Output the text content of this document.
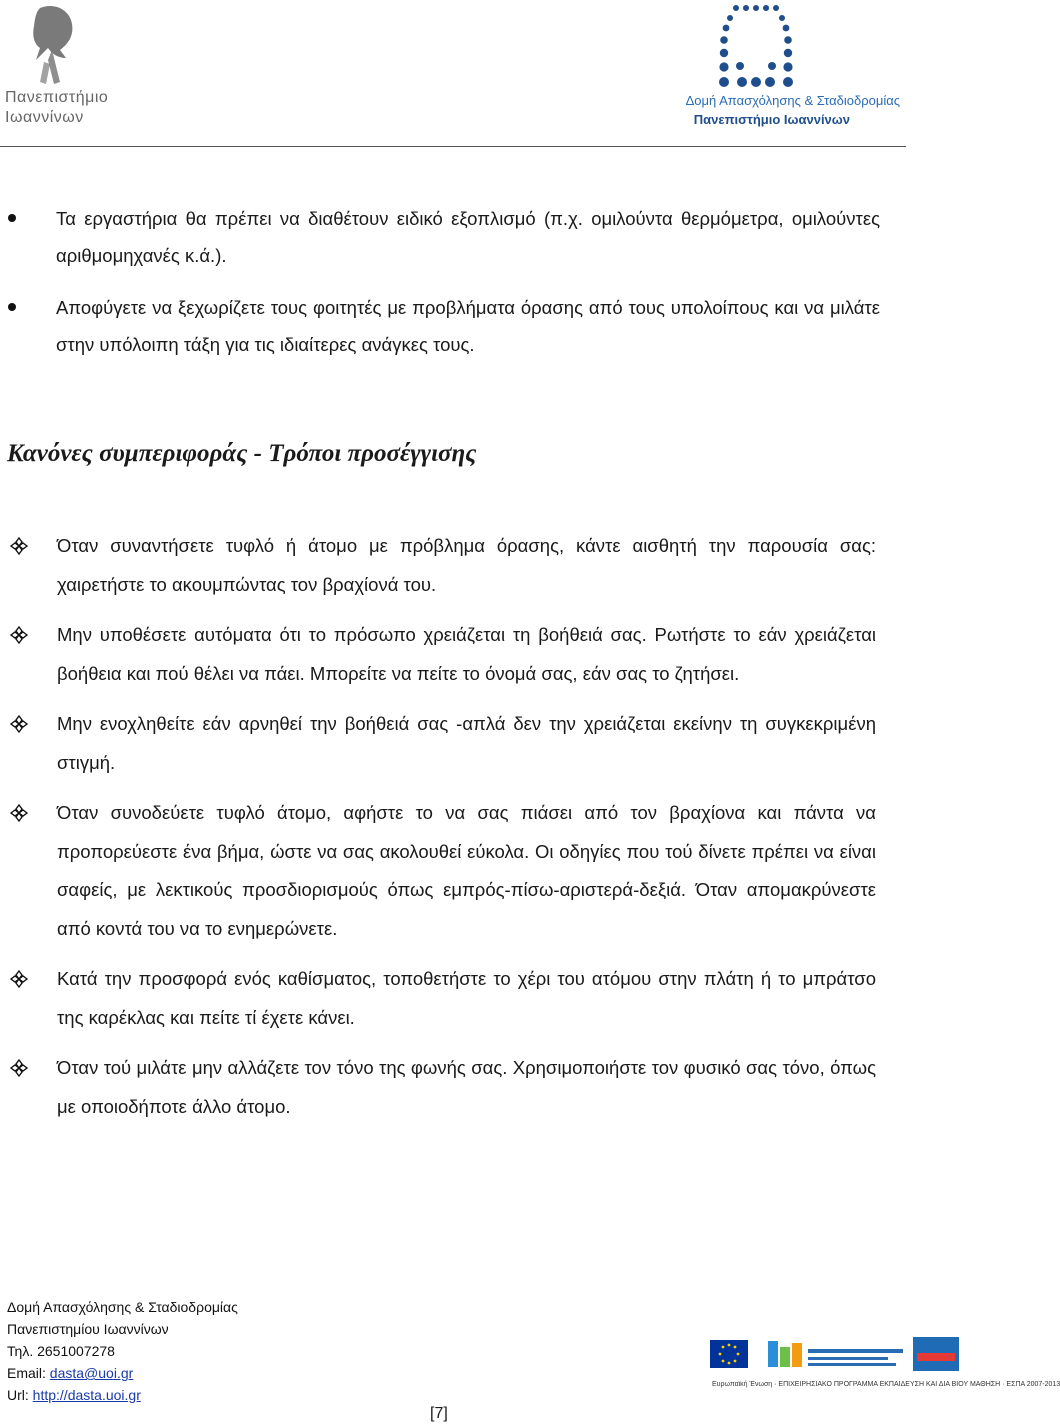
Πανεπιστήμιο
Ιωαννίνων
Δομή Απασχόλησης & Σταδιοδρομίας
Πανεπιστήμιο Ιωαννίνων
Τα εργαστήρια θα πρέπει να διαθέτουν ειδικό εξοπλισμό (π.χ. ομιλούντα θερμόμετρα, ομιλούντες αριθμομηχανές κ.ά.).
Αποφύγετε να ξεχωρίζετε τους φοιτητές με προβλήματα όρασης από τους υπολοίπους και να μιλάτε στην υπόλοιπη τάξη για τις ιδιαίτερες ανάγκες τους.
Κανόνες συμπεριφοράς - Τρόποι προσέγγισης
Όταν συναντήσετε τυφλό ή άτομο με πρόβλημα όρασης, κάντε αισθητή την παρουσία σας: χαιρετήστε το ακουμπώντας τον βραχίονά του.
Μην υποθέσετε αυτόματα ότι το πρόσωπο χρειάζεται τη βοήθειά σας. Ρωτήστε το εάν χρειάζεται βοήθεια και πού θέλει να πάει. Μπορείτε να πείτε το όνομά σας, εάν σας το ζητήσει.
Μην ενοχληθείτε εάν αρνηθεί την βοήθειά σας -απλά δεν την χρειάζεται εκείνην τη συγκεκριμένη στιγμή.
Όταν συνοδεύετε τυφλό άτομο, αφήστε το να σας πιάσει από τον βραχίονα και πάντα να προπορεύεστε ένα βήμα, ώστε να σας ακολουθεί εύκολα. Οι οδηγίες που τού δίνετε πρέπει να είναι σαφείς, με λεκτικούς προσδιορισμούς όπως εμπρός-πίσω-αριστερά-δεξιά. Όταν απομακρύνεστε από κοντά του να το ενημερώνετε.
Κατά την προσφορά ενός καθίσματος, τοποθετήστε το χέρι του ατόμου στην πλάτη ή το μπράτσο της καρέκλας και πείτε τί έχετε κάνει.
Όταν τού μιλάτε μην αλλάζετε τον τόνο της φωνής σας. Χρησιμοποιήστε τον φυσικό σας τόνο, όπως με οποιοδήποτε άλλο άτομο.
Δομή Απασχόλησης & Σταδιοδρομίας
Πανεπιστημίου Ιωαννίνων
Τηλ. 2651007278
Email: dasta@uoi.gr
Url: http://dasta.uoi.gr
Ευρωπαϊκή Ένωση · ΕΠΙΧΕΙΡΗΣΙΑΚΟ ΠΡΟΓΡΑΜΜΑ ΕΚΠΑΙΔΕΥΣΗ ΚΑΙ ΔΙΑ ΒΙΟΥ ΜΑΘΗΣΗ · ΕΣΠΑ 2007-2013
[7]
